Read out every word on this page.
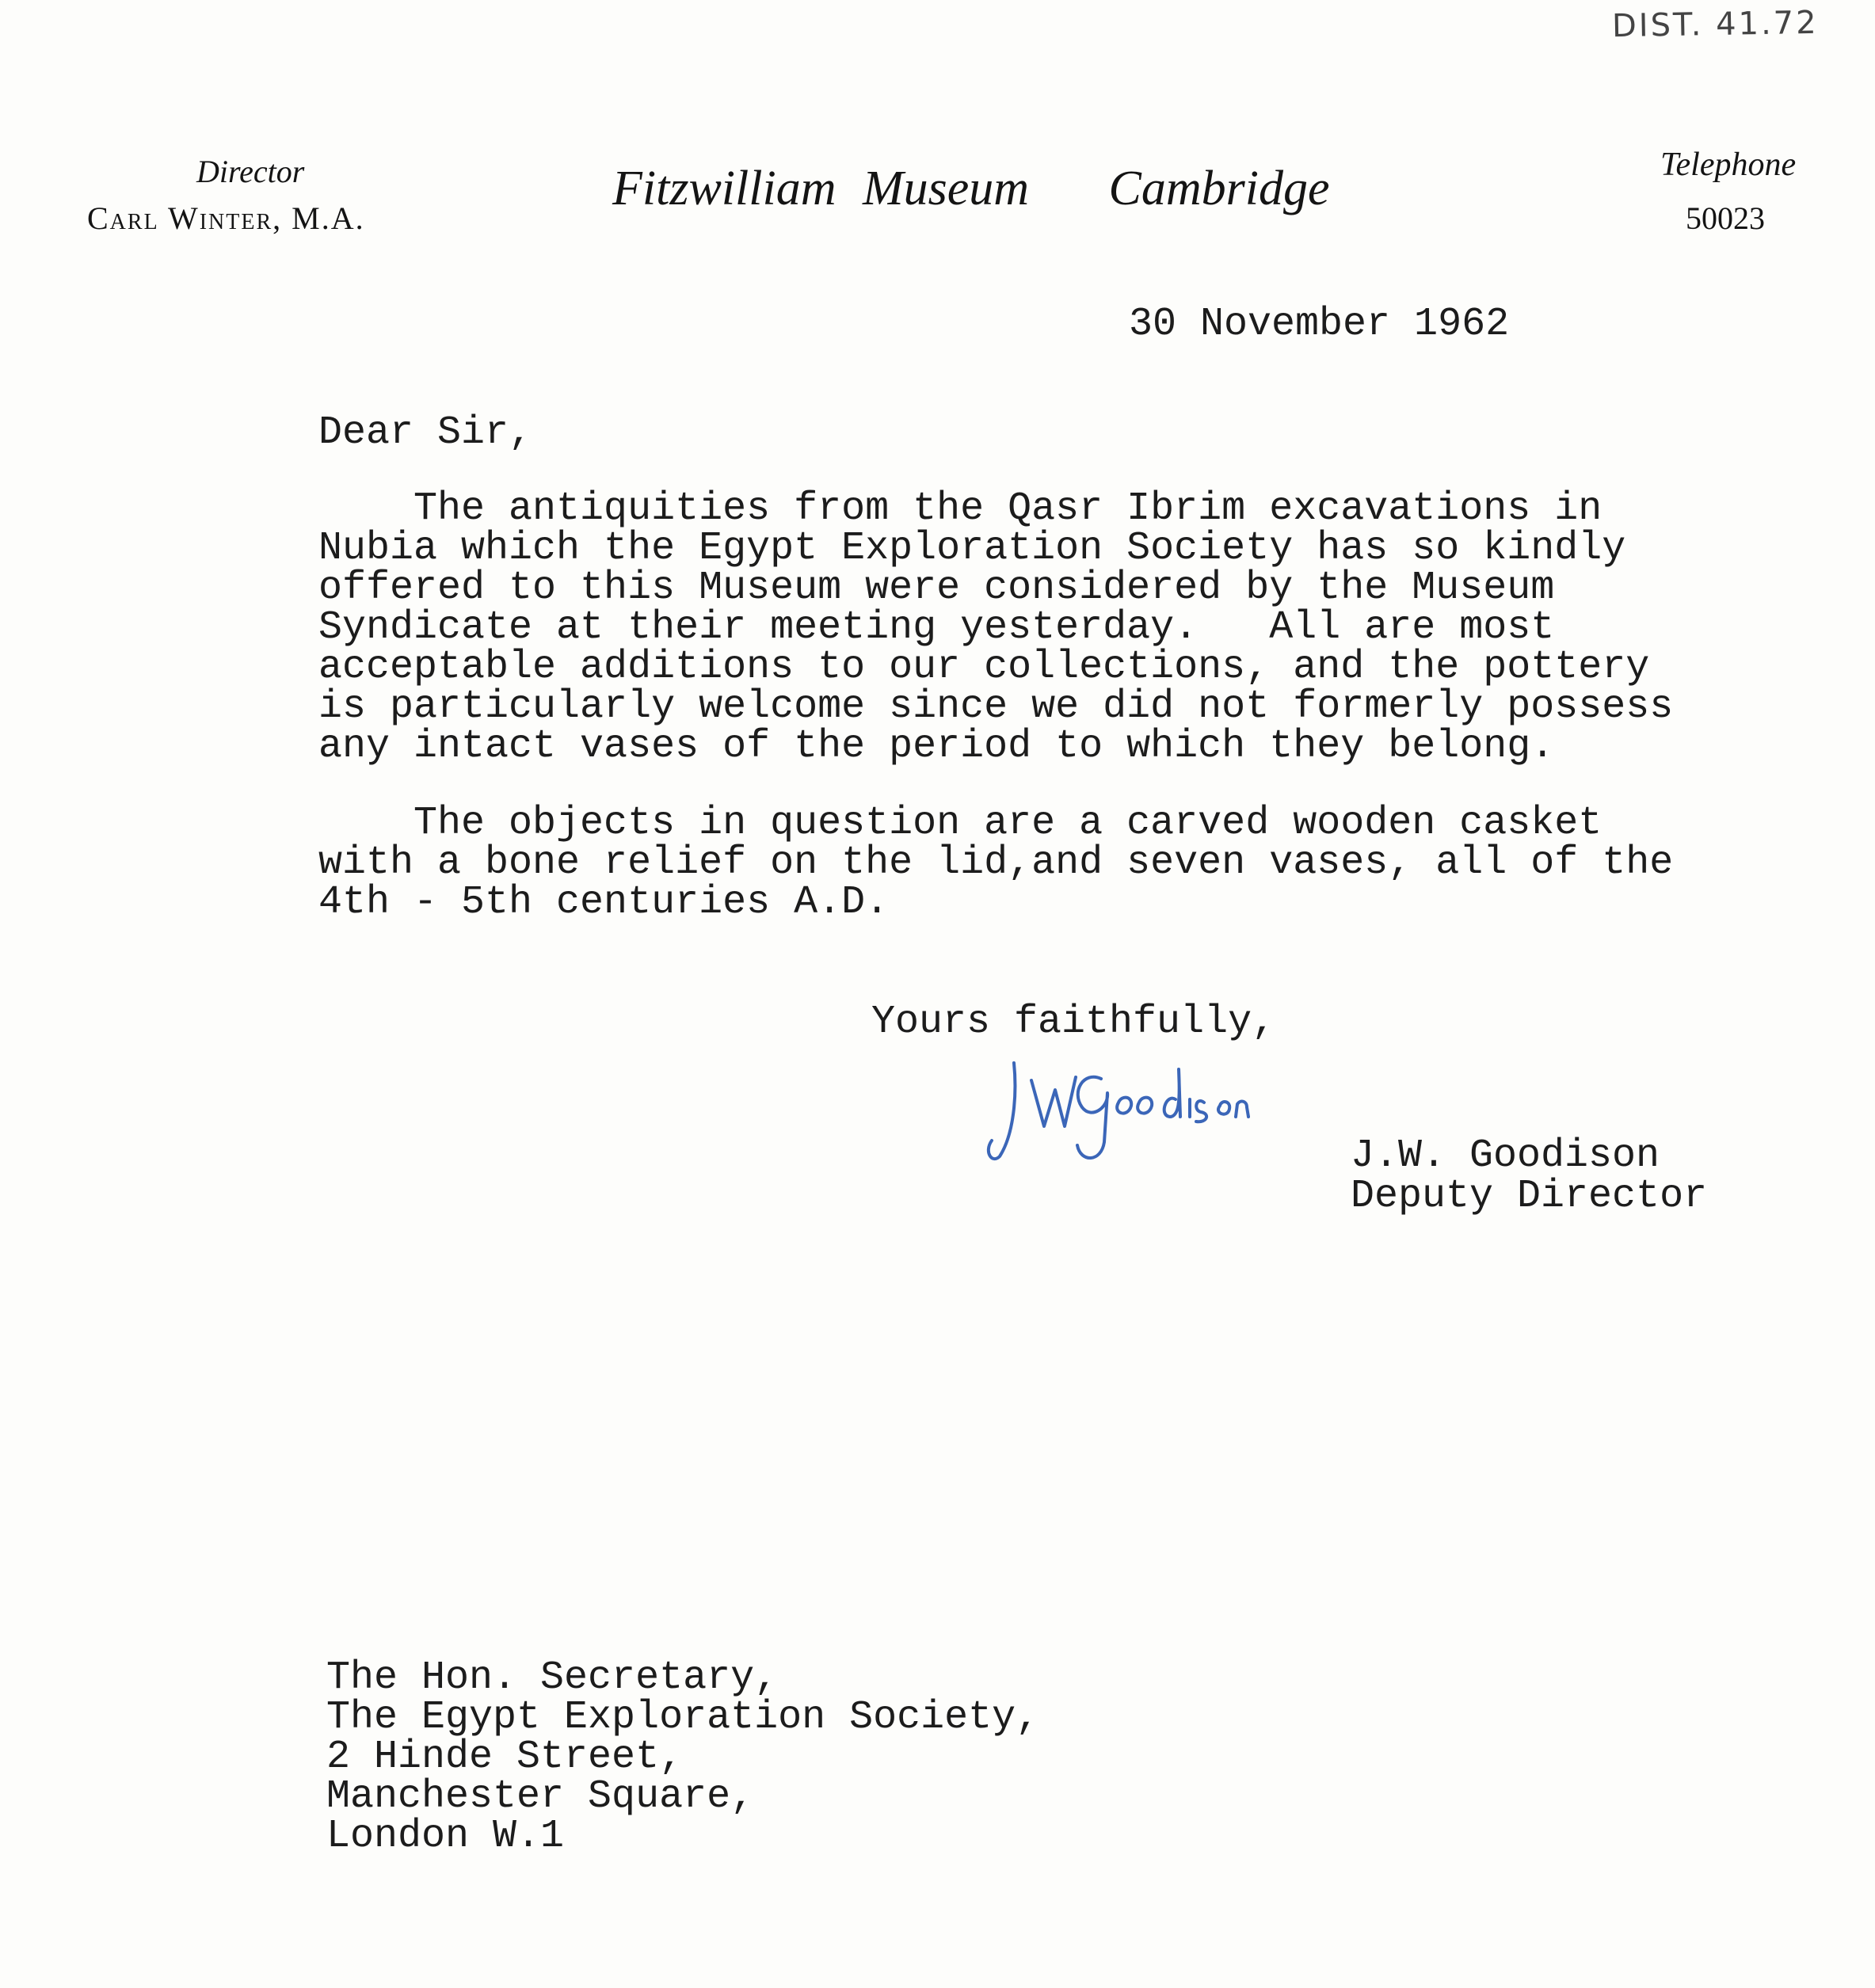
DIST. 41.72
Director
Carl Winter, M.A.
Fitzwilliam Museum   Cambridge	Telephone
50023
30 November 1962
Dear Sir,
The antiquities from the Qasr Ibrim excavations in
Nubia which the Egypt Exploration Society has so kindly
offered to this Museum were considered by the Museum
Syndicate at their meeting yesterday.   All are most
acceptable additions to our collections, and the pottery
is particularly welcome since we did not formerly possess
any intact vases of the period to which they belong.
The objects in question are a carved wooden casket
with a bone relief on the lid,and seven vases, all of the
4th - 5th centuries A.D.
Yours faithfully,
J.W. Goodison
Deputy Director
The Hon. Secretary,
The Egypt Exploration Society,
2 Hinde Street,
Manchester Square,
London W.1
